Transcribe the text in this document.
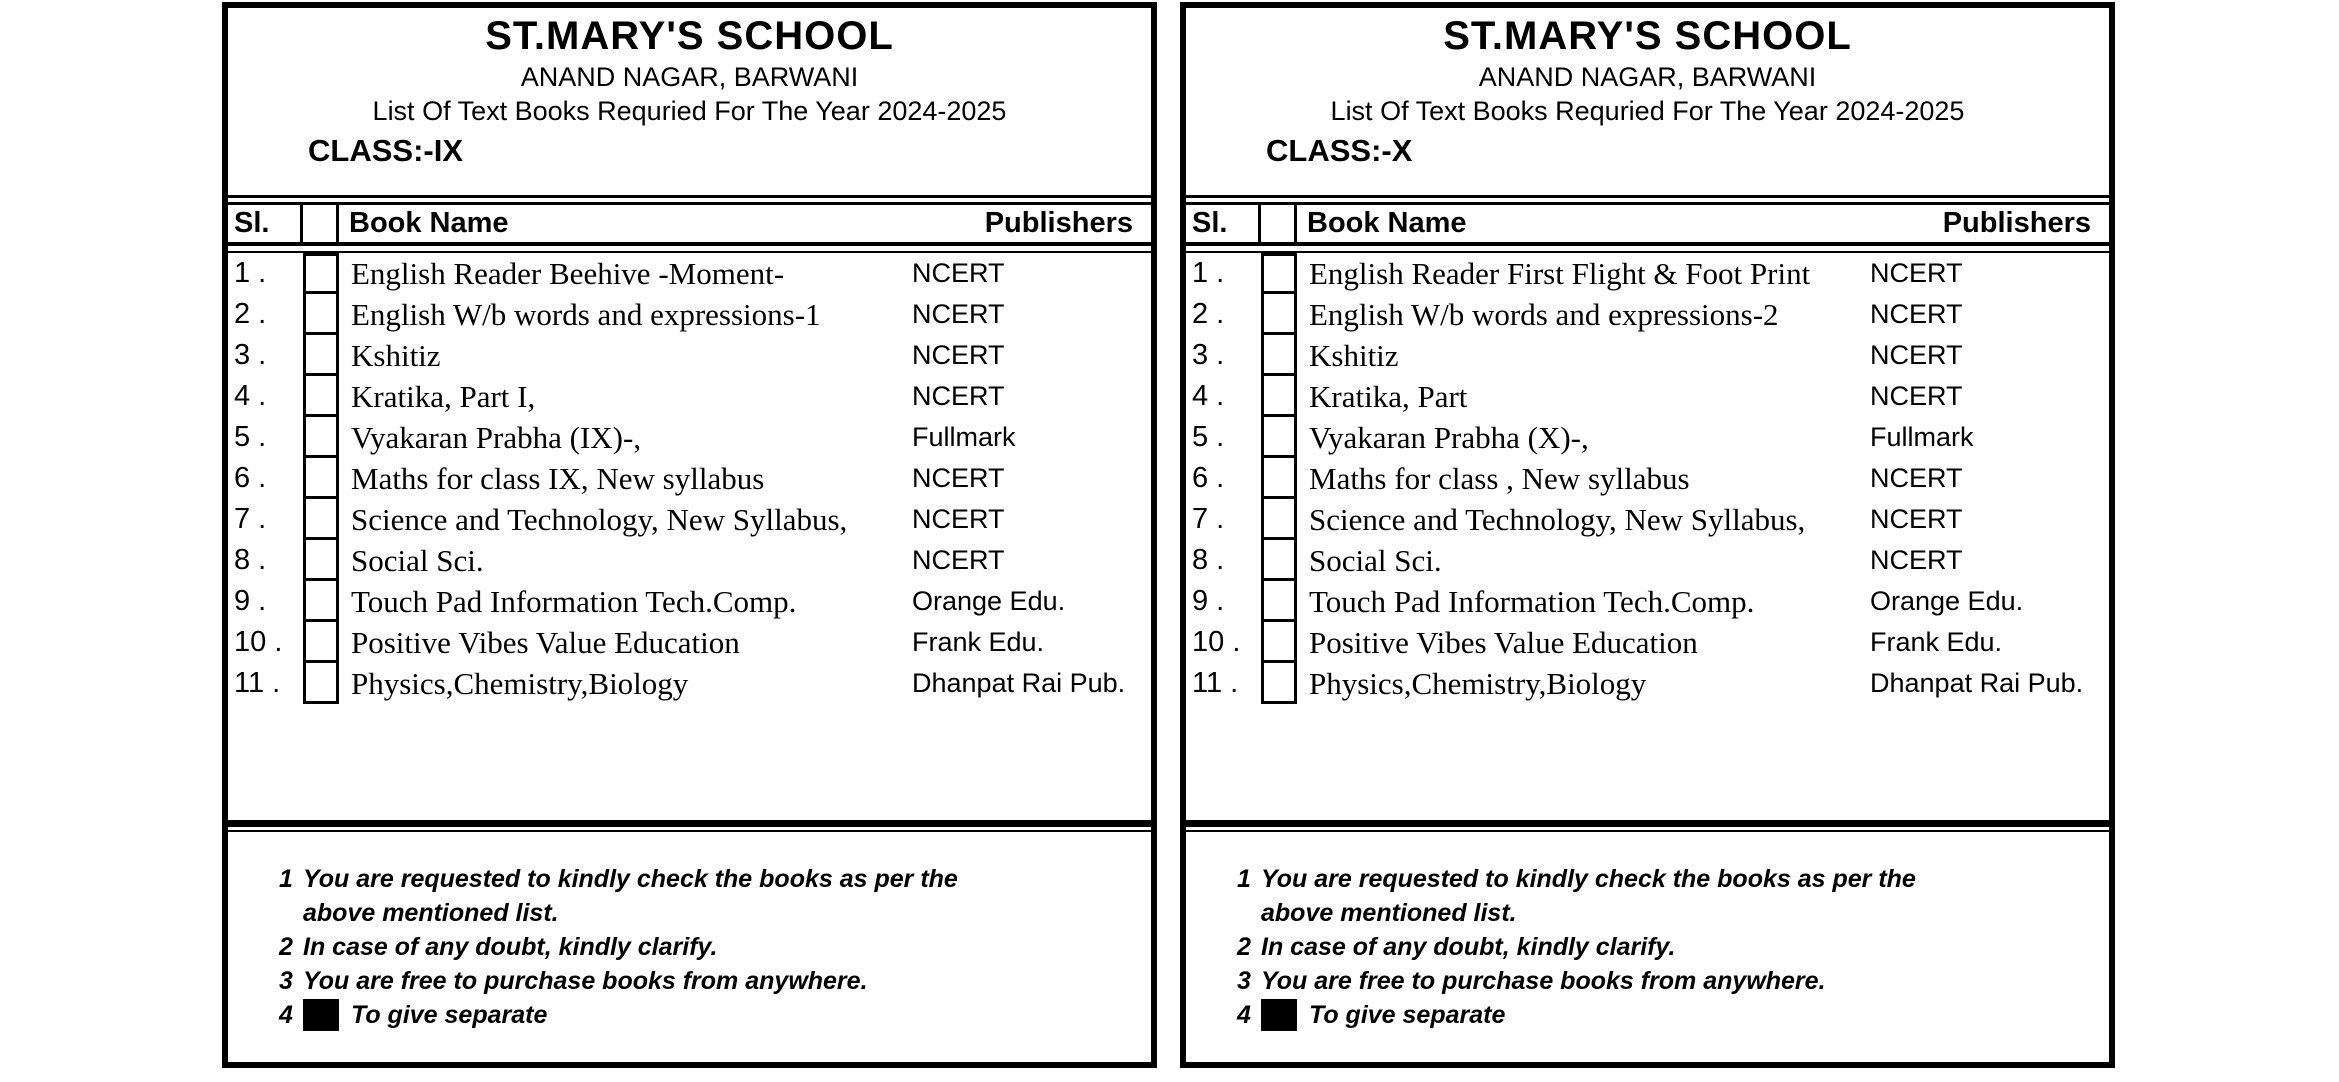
ST.MARY'S SCHOOL
ANAND NAGAR, BARWANI
List Of Text Books Requried For The Year 2024-2025
CLASS:-IX
Sl.	Book Name	Publishers
1 .	English Reader Beehive -Moment-	NCERT
2 .	English W/b words and expressions-1	NCERT
3 .	Kshitiz	NCERT
4 .	Kratika, Part I,	NCERT
5 .	Vyakaran Prabha (IX)-,	Fullmark
6 .	Maths for class IX, New syllabus	NCERT
7 .	Science and Technology, New Syllabus,	NCERT
8 .	Social Sci.	NCERT
9 .	Touch Pad Information Tech.Comp.	Orange Edu.
10 .	Positive Vibes Value Education	Frank Edu.
11 .	Physics,Chemistry,Biology	Dhanpat Rai Pub.
1 You are requested to kindly check the books as per the
above mentioned list.
2 In case of any doubt, kindly clarify.
3 You are free to purchase books from anywhere.
4 To give separate
ST.MARY'S SCHOOL
ANAND NAGAR, BARWANI
List Of Text Books Requried For The Year 2024-2025
CLASS:-X
Sl.	Book Name	Publishers
1 .	English Reader First Flight & Foot Print	NCERT
2 .	English W/b words and expressions-2	NCERT
3 .	Kshitiz	NCERT
4 .	Kratika, Part	NCERT
5 .	Vyakaran Prabha (X)-,	Fullmark
6 .	Maths for class , New syllabus	NCERT
7 .	Science and Technology, New Syllabus,	NCERT
8 .	Social Sci.	NCERT
9 .	Touch Pad Information Tech.Comp.	Orange Edu.
10 .	Positive Vibes Value Education	Frank Edu.
11 .	Physics,Chemistry,Biology	Dhanpat Rai Pub.
1 You are requested to kindly check the books as per the
above mentioned list.
2 In case of any doubt, kindly clarify.
3 You are free to purchase books from anywhere.
4 To give separate
